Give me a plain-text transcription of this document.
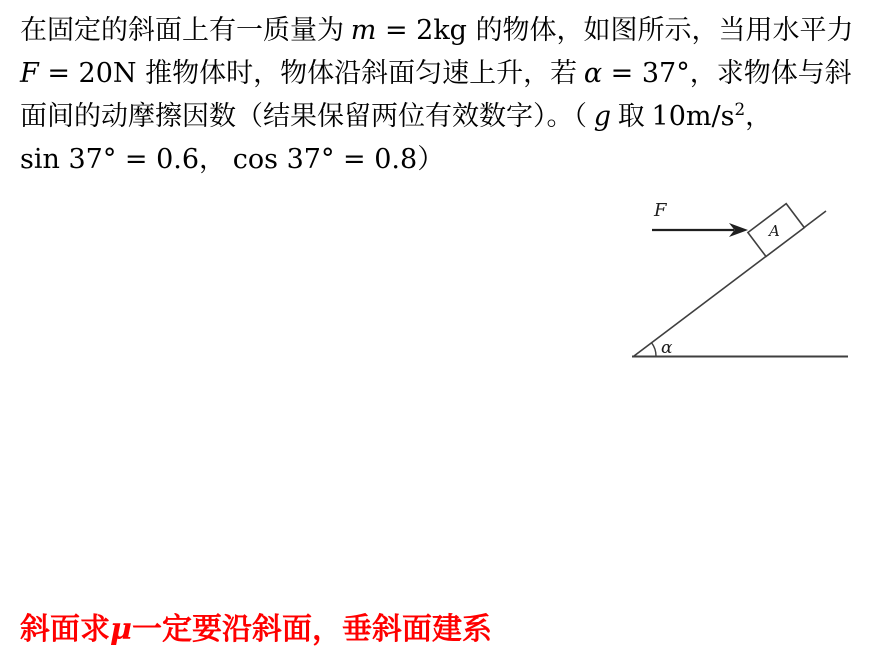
在固定的斜面上有一质量为 m = 2kg 的物体，如图所示，当用水平力
F = 20N 推物体时，物体沿斜面匀速上升，若 α = 37°，求物体与斜
面间的动摩擦因数（结果保留两位有效数字）。（ g 取 $10m/s^2$，
sin 37° = 0.6， cos 37° = 0.8）
F
A
α
斜面求μ一定要沿斜面，垂斜面建系
